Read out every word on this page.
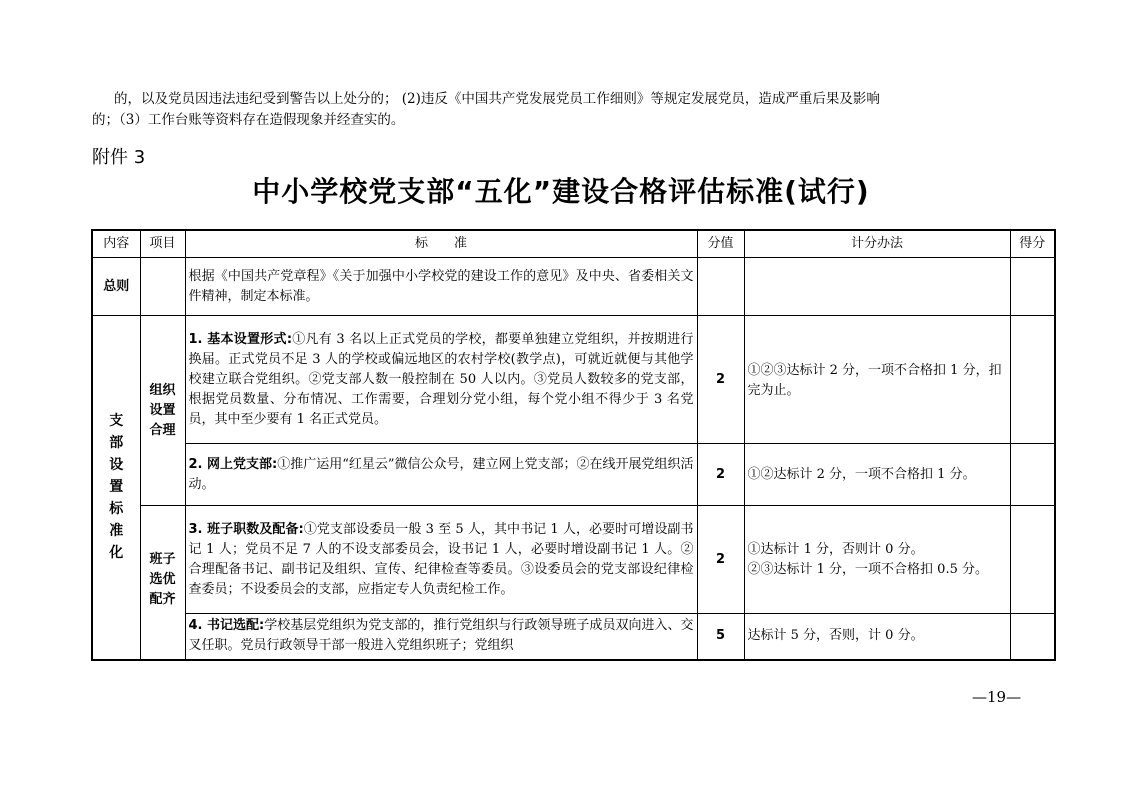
的，以及党员因违法违纪受到警告以上处分的； (2)违反《中国共产党发展党员工作细则》等规定发展党员，造成严重后果及影响

的；（3）工作台账等资料存在造假现象并经查实的。

附件 3
中小学校党支部“五化”建设合格评估标准(试行)
内容	项目	标　　准	分值	计分办法	得分
总则		根据《中国共产党章程》《关于加强中小学校党的建设工作的意见》及中央、省委相关文件精神，制定本标准。			

支部设置标准化	组织设置合理	1. 基本设置形式:①凡有 3 名以上正式党员的学校，都要单独建立党组织，并按期进行换届。正式党员不足 3 人的学校或偏远地区的农村学校(教学点)，可就近就便与其他学校建立联合党组织。②党支部人数一般控制在 50 人以内。③党员人数较多的党支部，根据党员数量、分布情况、工作需要，合理划分党小组，每个党小组不得少于 3 名党员，其中至少要有 1 名正式党员。	2	①②③达标计 2 分，一项不合格扣 1 分，扣完为止。	
		2. 网上党支部:①推广运用“红星云”微信公众号，建立网上党支部；②在线开展党组织活动。	2	①②达标计 2 分，一项不合格扣 1 分。	

	班子选优配齐	3. 班子职数及配备:①党支部设委员一般 3 至 5 人，其中书记 1 人，必要时可增设副书记 1 人；党员不足 7 人的不设支部委员会，设书记 1 人，必要时增设副书记 1 人。②合理配备书记、副书记及组织、宣传、纪律检查等委员。③设委员会的党支部设纪律检查委员；不设委员会的支部，应指定专人负责纪检工作。	2	①达标计 1 分，否则计 0 分。
②③达标计 1 分，一项不合格扣 0.5 分。	
		4. 书记选配:学校基层党组织为党支部的，推行党组织与行政领导班子成员双向进入、交叉任职。党员行政领导干部一般进入党组织班子；党组织	5	达标计 5 分，否则，计 0 分。	
—19—
